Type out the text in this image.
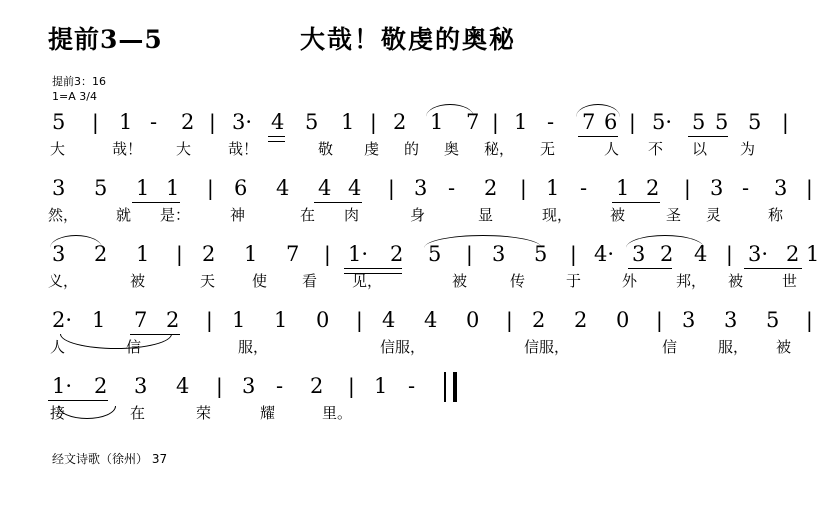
提前3—5	大哉！敬虔的奥秘
提前3：16
1=A 3/4
5 | 1 - 2 | 3· 4 5 1 | 2 1 7 | 1 - 7 6 | 5· 5 5 5 |
大	哉！ 大 哉！	敬 虔 的 奥 秘， 无	人 不 以 为
3 5 1 1 | 6 4 4 4 | 3 - 2 | 1 - 1 2 | 3 - 3 |
然，	就 是：	神	在 肉	身	显	现，	被	圣 灵	称
3 2 1 | 2 1 7 | 1· 2 5 | 3 5 | 4· 3 2 4 | 3· 2 1
义，	被	天 使 看 见，	被	传	于	外	邦， 被	世
2· 1 7 2 | 1 1 0 | 4 4 0 | 2 2 0 | 3 3 5 |
人	信	服，	信服，	信服，	信	服， 被
1· 2 3 4 | 3 - 2 | 1 -
接	在	荣	耀	里。
经文诗歌（徐州） 37
